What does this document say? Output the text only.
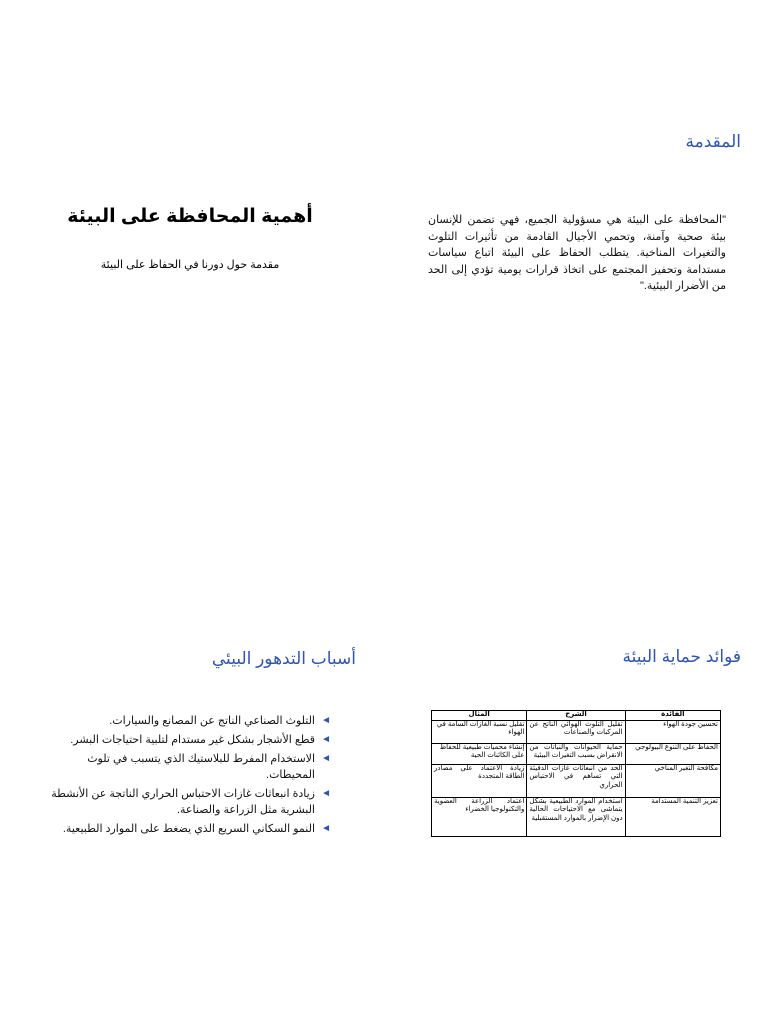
المقدمة
أهمية المحافظة على البيئة
مقدمة حول دورنا في الحفاظ على البيئة

"المحافظة على البيئة هي مسؤولية الجميع، فهي تضمن للإنسان بيئة صحية وآمنة، وتحمي الأجيال القادمة من تأثيرات التلوث والتغيرات المناخية. يتطلب الحفاظ على البيئة اتباع سياسات مستدامة وتحفيز المجتمع على اتخاذ قرارات يومية تؤدي إلى الحد من الأضرار البيئية."

فوائد حماية البيئة
أسباب التدهور البيئي
◄
التلوث الصناعي الناتج عن المصانع والسيارات.
◄
قطع الأشجار بشكل غير مستدام لتلبية احتياجات البشر.
◄
الاستخدام المفرط للبلاستيك الذي يتسبب في تلوث المحيطات.
◄
زيادة انبعاثات غازات الاحتباس الحراري الناتجة عن الأنشطة البشرية مثل الزراعة والصناعة.
◄
النمو السكاني السريع الذي يضغط على الموارد الطبيعية.
الفائدة	الشرح	المثال
تحسين جودة الهواء	تقليل التلوث الهوائي الناتج عن المركبات والصناعات	تقليل نسبة الغازات السامة في الهواء
الحفاظ على التنوع البيولوجي	حماية الحيوانات والنباتات من الانقراض بسبب التغيرات البيئية	إنشاء محميات طبيعية للحفاظ على الكائنات الحية
مكافحة التغير المناخي	الحد من انبعاثات غازات الدفيئة التي تساهم في الاحتباس الحراري	زيادة الاعتماد على مصادر الطاقة المتجددة
تعزيز التنمية المستدامة	استخدام الموارد الطبيعية بشكل يتماشى مع الاحتياجات الحالية دون الإضرار بالموارد المستقبلية	اعتماد الزراعة العضوية والتكنولوجيا الخضراء
